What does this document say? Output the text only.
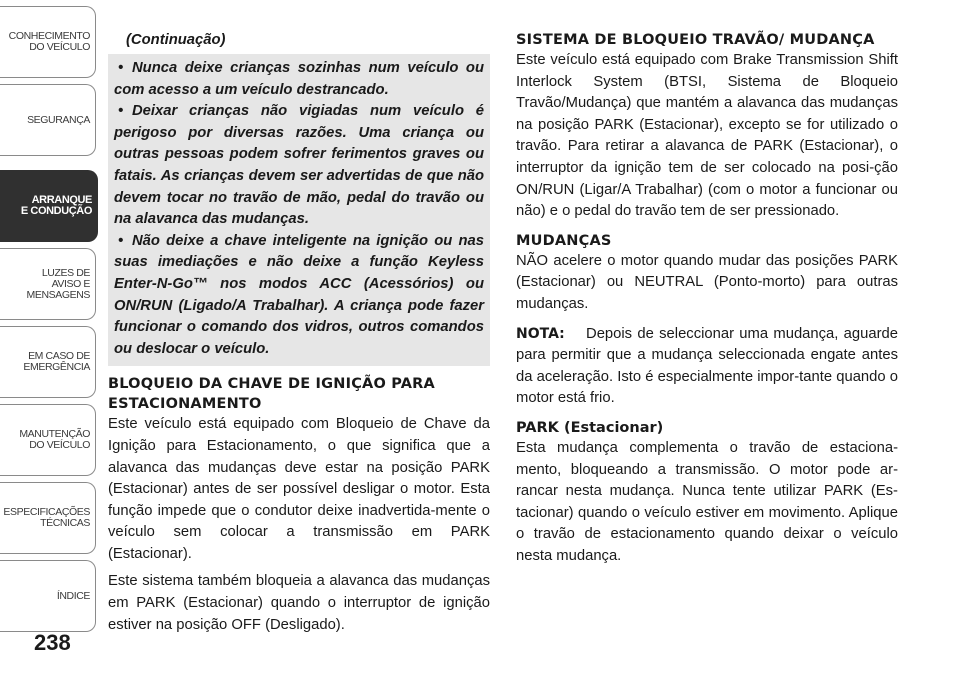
CONHECIMENTO
DO VEÍCULO
SEGURANÇA
ARRANQUE
E CONDUÇÃO
LUZES DE
AVISO E
MENSAGENS
EM CASO DE
EMERGÊNCIA
MANUTENÇÃO
DO VEÍCULO
ESPECIFICAÇÕES
TÉCNICAS
ÍNDICE
238
(Continuação)

• Nunca deixe crianças sozinhas num veículo ou com acesso a um veículo destrancado.

• Deixar crianças não vigiadas num veículo é perigoso por diversas razões. Uma criança ou outras pessoas podem sofrer ferimentos graves ou fatais. As crianças devem ser advertidas de que não devem tocar no travão de mão, pedal do travão ou na alavanca das mudanças.

• Não deixe a chave inteligente na ignição ou nas suas imediações e não deixe a função Keyless Enter-N-Go™ nos modos ACC (Acessórios) ou ON/RUN (Ligado/A Trabalhar). A criança pode fazer funcionar o comando dos vidros, outros comandos ou deslocar o veículo.

BLOQUEIO DA CHAVE DE IGNIÇÃO PARA ESTACIONAMENTO

Este veículo está equipado com Bloqueio de Chave da Ignição para Estacionamento, o que significa que a alavanca das mudanças deve estar na posição PARK (Estacionar) antes de ser possível desligar o motor. Esta função impede que o condutor deixe inadvertida-mente o veículo sem colocar a transmissão em PARK (Estacionar).

Este sistema também bloqueia a alavanca das mudanças em PARK (Estacionar) quando o interruptor de ignição estiver na posição OFF (Desligado).

SISTEMA DE BLOQUEIO TRAVÃO/ MUDANÇA

Este veículo está equipado com Brake Transmission Shift Interlock System (BTSI, Sistema de Bloqueio Travão/Mudança) que mantém a alavanca das mudanças na posição PARK (Estacionar), excepto se for utilizado o travão. Para retirar a alavanca de PARK (Estacionar), o interruptor da ignição tem de ser colocado na posi-ção ON/RUN (Ligar/A Trabalhar) (com o motor a funcionar ou não) e o pedal do travão tem de ser pressionado.

MUDANÇAS

NÃO acelere o motor quando mudar das posições PARK (Estacionar) ou NEUTRAL (Ponto-morto) para outras mudanças.

NOTA: Depois de seleccionar uma mudança, aguarde para permitir que a mudança seleccionada engate antes da aceleração. Isto é especialmente impor-tante quando o motor está frio.

PARK (Estacionar)

Esta mudança complementa o travão de estaciona-mento, bloqueando a transmissão. O motor pode ar-rancar nesta mudança. Nunca tente utilizar PARK (Es-tacionar) quando o veículo estiver em movimento. Aplique o travão de estacionamento quando deixar o veículo nesta mudança.
